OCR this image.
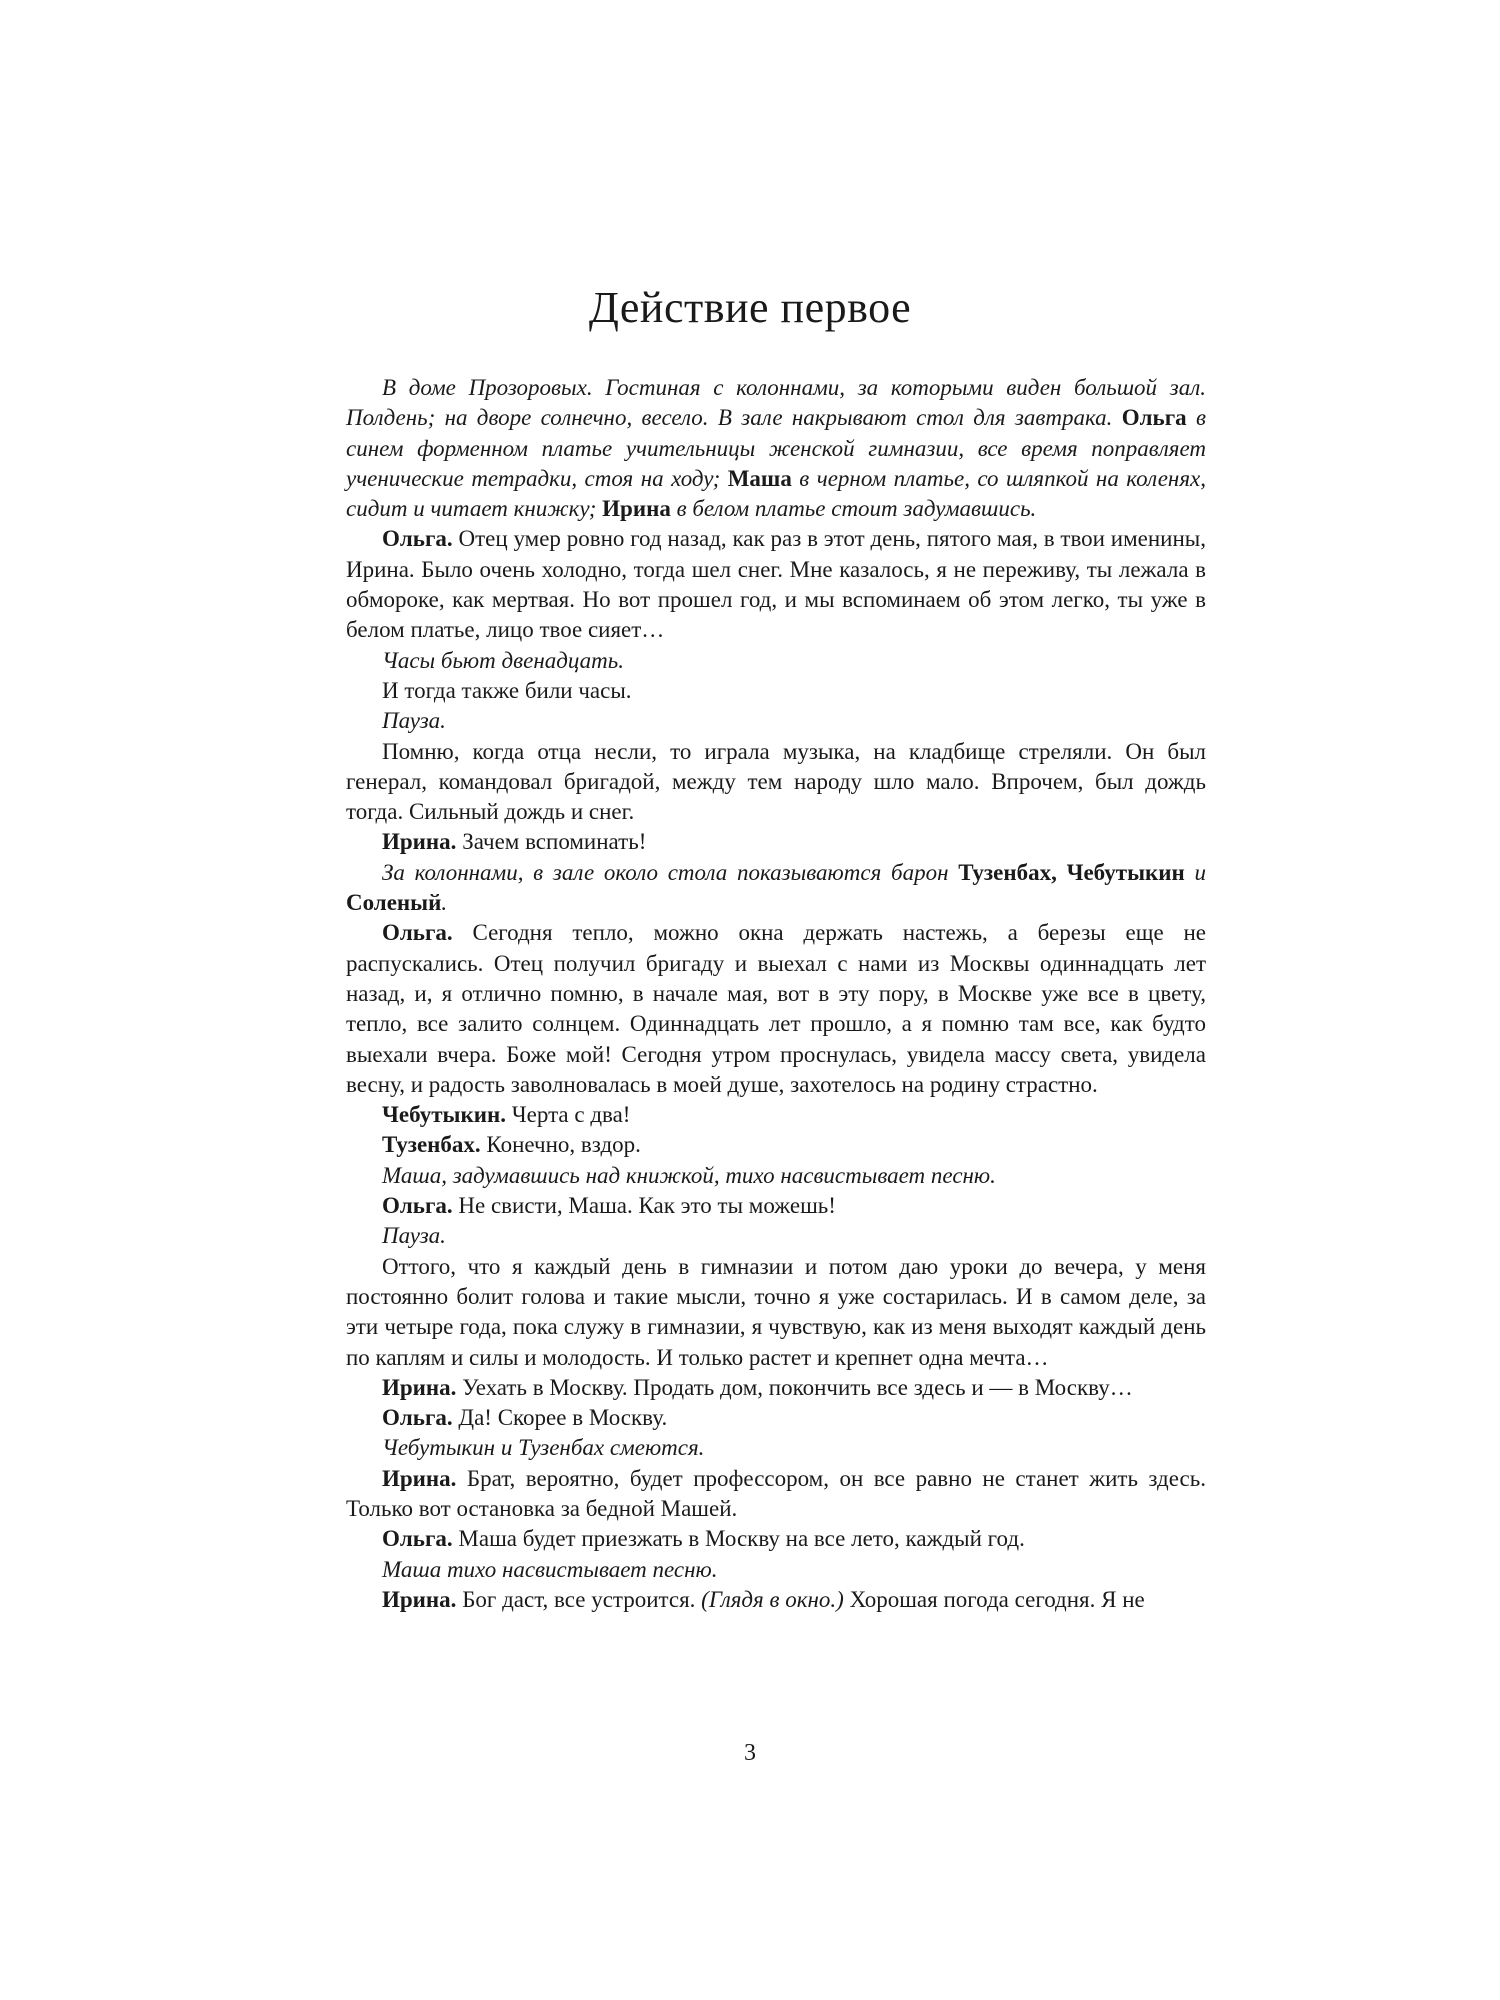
Действие первое

В доме Прозоровых. Гостиная с колоннами, за которыми виден большой зал. Полдень; на дворе солнечно, весело. В зале накрывают стол для завтрака. Ольга в синем форменном платье учительницы женской гимназии, все время поправляет ученические тетрадки, стоя на ходу; Маша в черном платье, со шляпкой на коленях, сидит и читает книжку; Ирина в белом платье стоит задумавшись.

Ольга. Отец умер ровно год назад, как раз в этот день, пятого мая, в твои именины, Ирина. Было очень холодно, тогда шел снег. Мне казалось, я не переживу, ты лежала в обмороке, как мертвая. Но вот прошел год, и мы вспоминаем об этом легко, ты уже в белом платье, лицо твое сияет…

Часы бьют двенадцать.

И тогда также били часы.

Пауза.

Помню, когда отца несли, то играла музыка, на кладбище стреляли. Он был генерал, командовал бригадой, между тем народу шло мало. Впрочем, был дождь тогда. Сильный дождь и снег.

Ирина. Зачем вспоминать!

За колоннами, в зале около стола показываются барон Тузенбах, Чебутыкин и Соленый.

Ольга. Сегодня тепло, можно окна держать настежь, а березы еще не распускались. Отец получил бригаду и выехал с нами из Москвы одиннадцать лет назад, и, я отлично помню, в начале мая, вот в эту пору, в Москве уже все в цвету, тепло, все залито солнцем. Одиннадцать лет прошло, а я помню там все, как будто выехали вчера. Боже мой! Сегодня утром проснулась, увидела массу света, увидела весну, и радость заволновалась в моей душе, захотелось на родину страстно.

Чебутыкин. Черта с два!

Тузенбах. Конечно, вздор.

Маша, задумавшись над книжкой, тихо насвистывает песню.

Ольга. Не свисти, Маша. Как это ты можешь!

Пауза.

Оттого, что я каждый день в гимназии и потом даю уроки до вечера, у меня постоянно болит голова и такие мысли, точно я уже состарилась. И в самом деле, за эти четыре года, пока служу в гимназии, я чувствую, как из меня выходят каждый день по каплям и силы и молодость. И только растет и крепнет одна мечта…

Ирина. Уехать в Москву. Продать дом, покончить все здесь и — в Москву…

Ольга. Да! Скорее в Москву.

Чебутыкин и Тузенбах смеются.

Ирина. Брат, вероятно, будет профессором, он все равно не станет жить здесь. Только вот остановка за бедной Машей.

Ольга. Маша будет приезжать в Москву на все лето, каждый год.

Маша тихо насвистывает песню.

Ирина. Бог даст, все устроится. (Глядя в окно.) Хорошая погода сегодня. Я не

3
